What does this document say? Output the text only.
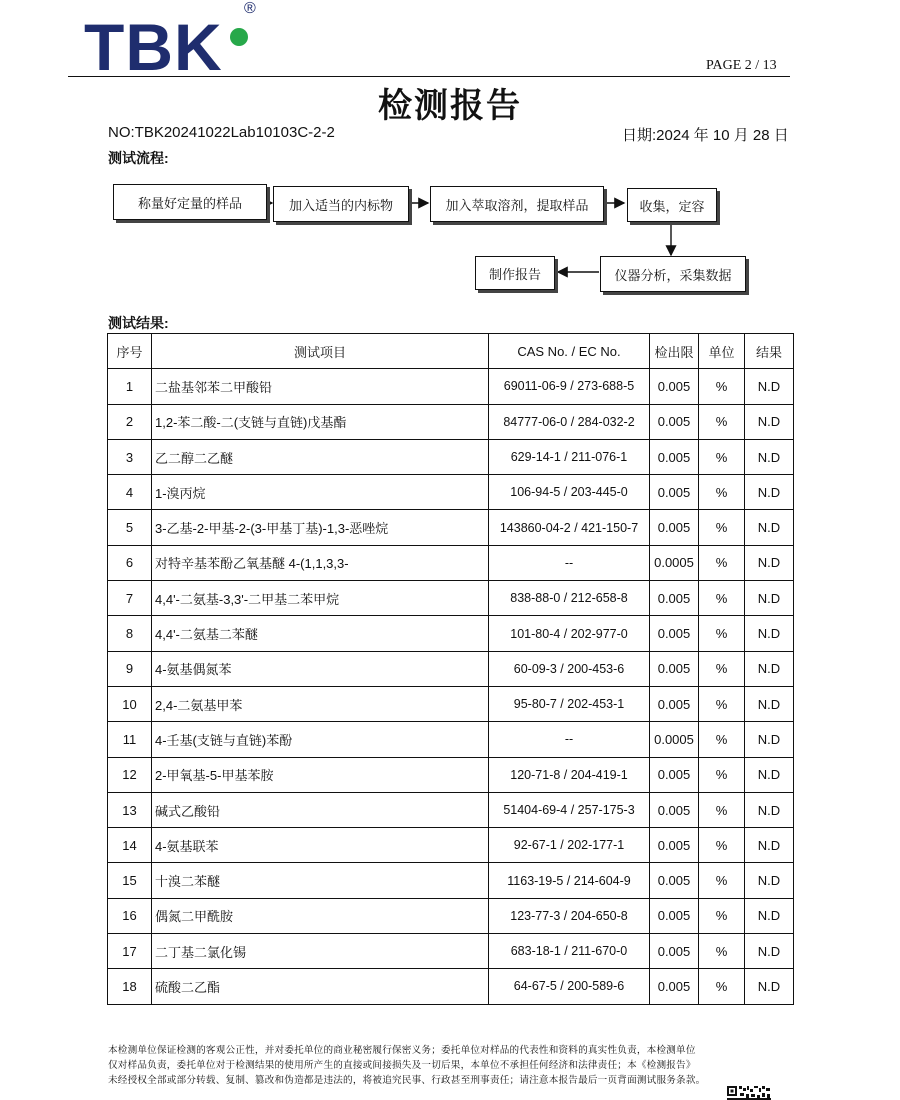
TBK
®
PAGE 2 / 13
检测报告
NO:TBK20241022Lab10103C-2-2	日期:2024 年 10 月 28 日
测试流程:
称量好定量的样品	加入适当的内标物	加入萃取溶剂，提取样品	收集，定容
仪器分析，采集数据
制作报告
测试结果:
序号	测试项目	CAS No. / EC No.	检出限	单位	结果
1	二盐基邻苯二甲酸铅	69011-06-9 / 273-688-5	0.005	%	N.D
2	1,2-苯二酸-二(支链与直链)戊基酯	84777-06-0 / 284-032-2	0.005	%	N.D
3	乙二醇二乙醚	629-14-1 / 211-076-1	0.005	%	N.D
4	1-溴丙烷	106-94-5 / 203-445-0	0.005	%	N.D
5	3-乙基-2-甲基-2-(3-甲基丁基)-1,3-恶唑烷	143860-04-2 / 421-150-7	0.005	%	N.D
6	对特辛基苯酚乙氧基醚 4-(1,1,3,3-	--	0.0005	%	N.D
7	4,4'-二氨基-3,3'-二甲基二苯甲烷	838-88-0 / 212-658-8	0.005	%	N.D
8	4,4'-二氨基二苯醚	101-80-4 / 202-977-0	0.005	%	N.D
9	4-氨基偶氮苯	60-09-3 / 200-453-6	0.005	%	N.D
10	2,4-二氨基甲苯	95-80-7 / 202-453-1	0.005	%	N.D
11	4-壬基(支链与直链)苯酚	--	0.0005	%	N.D
12	2-甲氧基-5-甲基苯胺	120-71-8 / 204-419-1	0.005	%	N.D
13	碱式乙酸铅	51404-69-4 / 257-175-3	0.005	%	N.D
14	4-氨基联苯	92-67-1 / 202-177-1	0.005	%	N.D
15	十溴二苯醚	1163-19-5 / 214-604-9	0.005	%	N.D
16	偶氮二甲酰胺	123-77-3 / 204-650-8	0.005	%	N.D
17	二丁基二氯化锡	683-18-1 / 211-670-0	0.005	%	N.D
18	硫酸二乙酯	64-67-5 / 200-589-6	0.005	%	N.D
本检测单位保证检测的客观公正性，并对委托单位的商业秘密履行保密义务；委托单位对样品的代表性和资料的真实性负责，本检测单位
仅对样品负责，委托单位对于检测结果的使用所产生的直接或间接损失及一切后果，本单位不承担任何经济和法律责任；本《检测报告》
未经授权全部或部分转载、复制、篡改和伪造都是违法的，将被追究民事、行政甚至刑事责任；请注意本报告最后一页背面测试服务条款。
